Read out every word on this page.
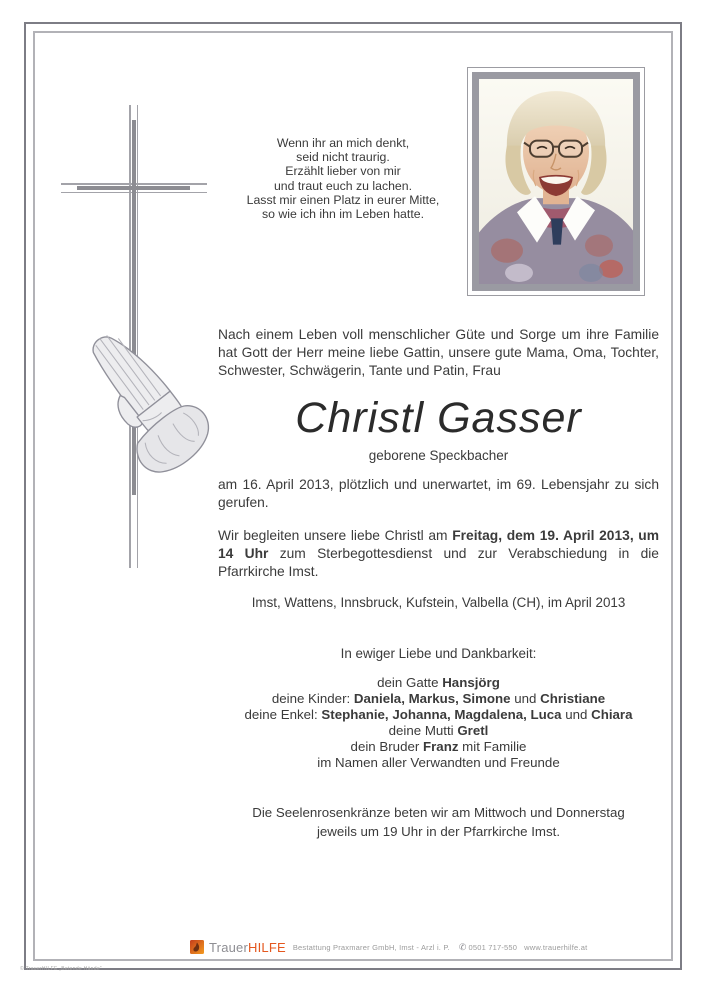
Wenn ihr an mich denkt,
seid nicht traurig.
Erzählt lieber von mir
und traut euch zu lachen.
Lasst mir einen Platz in eurer Mitte,
so wie ich ihn im Leben hatte.
Nach einem Leben voll menschlicher Güte und Sorge um ihre Familie hat Gott der Herr meine liebe Gattin, unsere gute Mama, Oma, Tochter, Schwester, Schwägerin, Tante und Patin, Frau
Christl Gasser
geborene Speckbacher
am 16. April 2013, plötzlich und unerwartet, im 69. Lebensjahr zu sich gerufen.
Wir begleiten unsere liebe Christl am Freitag, dem 19. April 2013, um 14 Uhr zum Sterbegottesdienst und zur Verabschiedung in die Pfarrkirche Imst.
Imst, Wattens, Innsbruck, Kufstein, Valbella (CH), im April 2013
In ewiger Liebe und Dankbarkeit:
dein Gatte Hansjörg
deine Kinder: Daniela, Markus, Simone und Christiane
deine Enkel: Stephanie, Johanna, Magdalena, Luca und Chiara
deine Mutti Gretl
dein Bruder Franz mit Familie
im Namen aller Verwandten und Freunde
Die Seelenrosenkränze beten wir am Mittwoch und Donnerstag
jeweils um 19 Uhr in der Pfarrkirche Imst.
TrauerHILFE Bestattung Praxmarer GmbH, Imst - Arzl i. P. ✆ 0501 717-550 www.trauerhilfe.at
© TrauerHILFE „Betende Hände“
